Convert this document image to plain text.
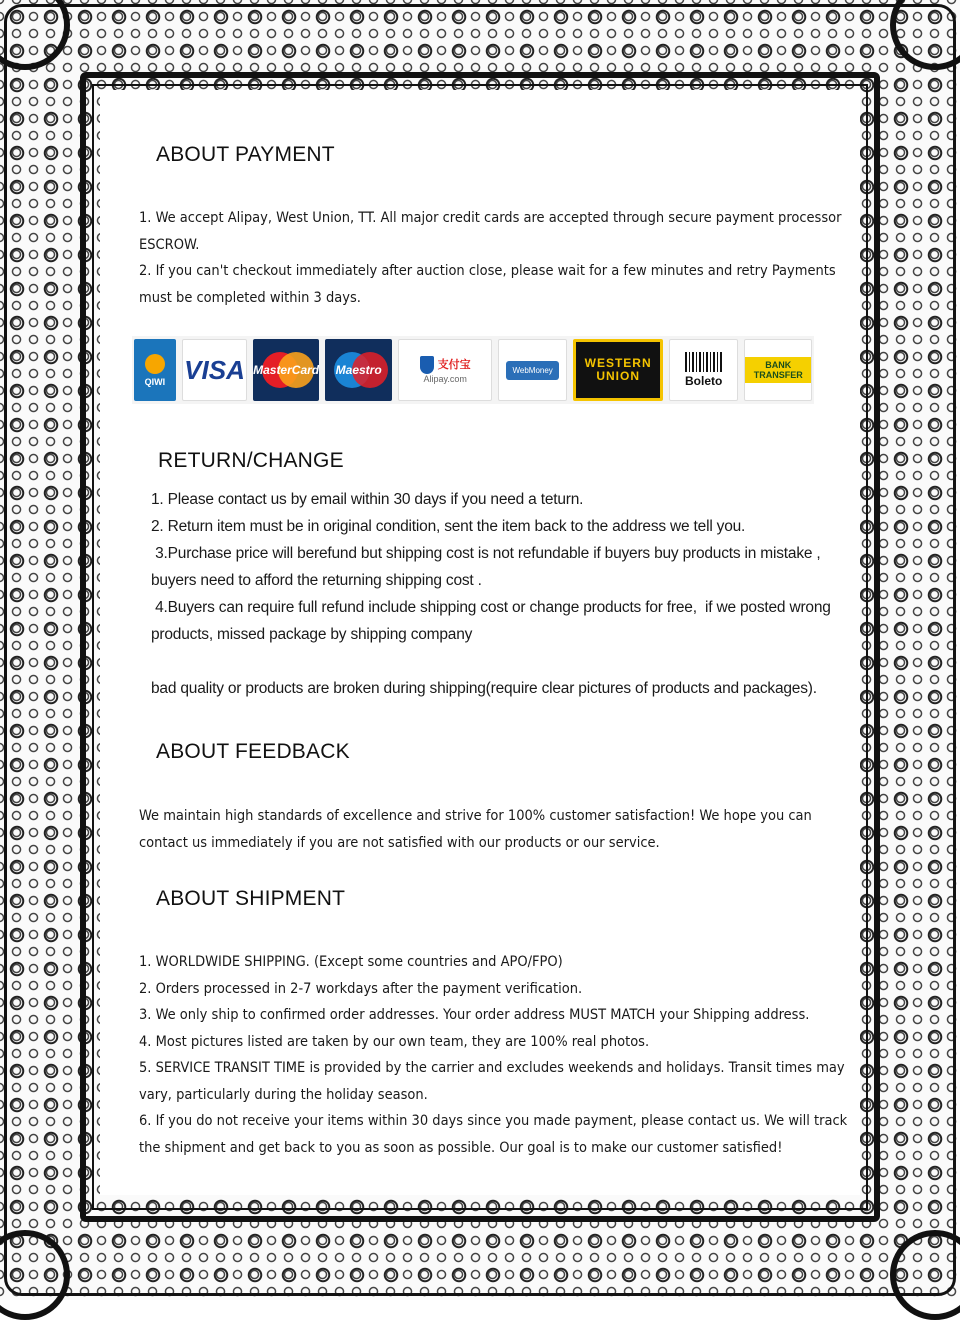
ABOUT PAYMENT
1. We accept Alipay, West Union, TT. All major credit cards are accepted through secure payment processor
ESCROW.
2. If you can't checkout immediately after auction close, please wait for a few minutes and retry Payments
must be completed within 3 days.
QIWI VISA MasterCard Maestro	支付宝
Alipay.com
WebMoney	WESTERN UNION	Boleto
BANK TRANSFER
RETURN/CHANGE
1. Please contact us by email within 30 days if you need a teturn.
2. Return item must be in original condition, sent the item back to the address we tell you.
3.Purchase price will berefund but shipping cost is not refundable if buyers buy products in mistake ,
buyers need to afford the returning shipping cost .
4.Buyers can require full refund include shipping cost or change products for free,  if we posted wrong
products, missed package by shipping company
bad quality or products are broken during shipping(require clear pictures of products and packages).
ABOUT FEEDBACK
We maintain high standards of excellence and strive for 100% customer satisfaction! We hope you can
contact us immediately if you are not satisfied with our products or our service.
ABOUT SHIPMENT
1. WORLDWIDE SHIPPING. (Except some countries and APO/FPO)
2. Orders processed in 2-7 workdays after the payment verification.
3. We only ship to confirmed order addresses. Your order address MUST MATCH your Shipping address.
4. Most pictures listed are taken by our own team, they are 100% real photos.
5. SERVICE TRANSIT TIME is provided by the carrier and excludes weekends and holidays. Transit times may
vary, particularly during the holiday season.
6. If you do not receive your items within 30 days since you made payment, please contact us. We will track
the shipment and get back to you as soon as possible. Our goal is to make our customer satisfied!
